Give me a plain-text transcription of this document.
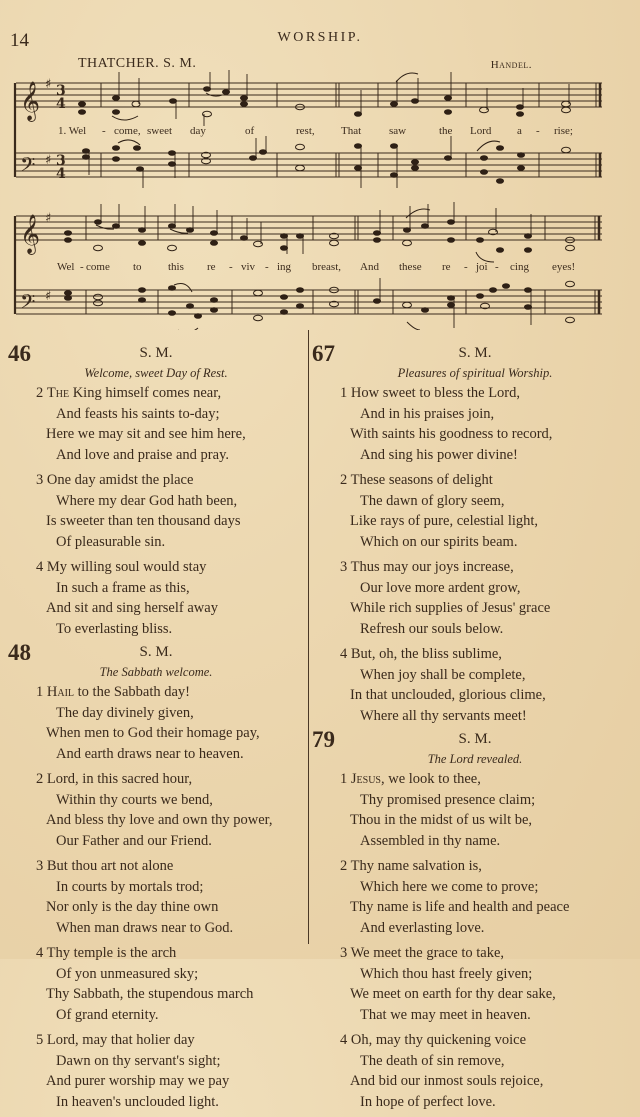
14	WORSHIP.
THATCHER. S. M.	Handel.
𝄞 ♯ 3
4
𝄢 ♯ 3
4
𝄞 ♯
𝄢 ♯
1. Wel - come, sweet day	of	rest, That	saw	the Lord a - rise;
Wel - come to this re - viv - ing breast, And these re - joi - cing eyes!
46	S. M.
Welcome, sweet Day of Rest.
2 The King himself comes near,
And feasts his saints to-day;
Here we may sit and see him here,
And love and praise and pray.
3 One day amidst the place
Where my dear God hath been,
Is sweeter than ten thousand days
Of pleasurable sin.
4 My willing soul would stay
In such a frame as this,
And sit and sing herself away
To everlasting bliss.
48	S. M.
The Sabbath welcome.
1 Hail to the Sabbath day!
The day divinely given,
When men to God their homage pay,
And earth draws near to heaven.
2 Lord, in this sacred hour,
Within thy courts we bend,
And bless thy love and own thy power,
Our Father and our Friend.
3 But thou art not alone
In courts by mortals trod;
Nor only is the day thine own
When man draws near to God.
4 Thy temple is the arch
Of yon unmeasured sky;
Thy Sabbath, the stupendous march
Of grand eternity.
5 Lord, may that holier day
Dawn on thy servant's sight;
And purer worship may we pay
In heaven's unclouded light.
67	S. M.
Pleasures of spiritual Worship.
1 How sweet to bless the Lord,
And in his praises join,
With saints his goodness to record,
And sing his power divine!
2 These seasons of delight
The dawn of glory seem,
Like rays of pure, celestial light,
Which on our spirits beam.
3 Thus may our joys increase,
Our love more ardent grow,
While rich supplies of Jesus' grace
Refresh our souls below.
4 But, oh, the bliss sublime,
When joy shall be complete,
In that unclouded, glorious clime,
Where all thy servants meet!
79	S. M.
The Lord revealed.
1 Jesus, we look to thee,
Thy promised presence claim;
Thou in the midst of us wilt be,
Assembled in thy name.
2 Thy name salvation is,
Which here we come to prove;
Thy name is life and health and peace
And everlasting love.
3 We meet the grace to take,
Which thou hast freely given;
We meet on earth for thy dear sake,
That we may meet in heaven.
4 Oh, may thy quickening voice
The death of sin remove,
And bid our inmost souls rejoice,
In hope of perfect love.
